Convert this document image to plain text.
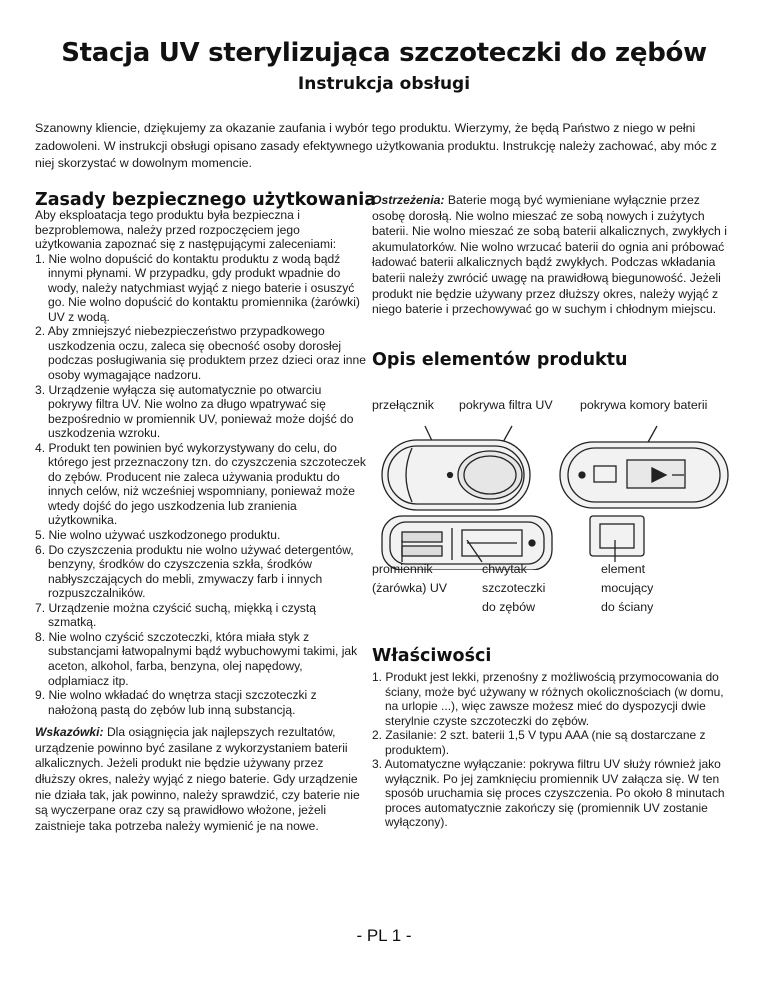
Stacja UV sterylizująca szczoteczki do zębów
Instrukcja obsługi

Szanowny kliencie, dziękujemy za okazanie zaufania i wybór tego produktu. Wierzymy, że będą Państwo z niego w pełni zadowoleni. W instrukcji obsługi opisano zasady efektywnego użytkowania produktu. Instrukcję należy zachować, aby móc z niej skorzystać w dowolnym momencie.

Zasady bezpiecznego użytkowania

Aby eksploatacja tego produktu była bezpieczna i bezproblemowa, należy przed rozpoczęciem jego użytkowania zapoznać się z następującymi zaleceniami:

1. Nie wolno dopuścić do kontaktu produktu z wodą bądź innymi płynami. W przypadku, gdy produkt wpadnie do wody, należy natychmiast wyjąć z niego baterie i osuszyć go. Nie wolno dopuścić do kontaktu promiennika (żarówki) UV z wodą.
2. Aby zmniejszyć niebezpieczeństwo przypadkowego uszkodzenia oczu, zaleca się obecność osoby dorosłej podczas posługiwania się produktem przez dzieci oraz inne osoby wymagające nadzoru.
3. Urządzenie wyłącza się automatycznie po otwarciu pokrywy filtra UV. Nie wolno za długo wpatrywać się bezpośrednio w promiennik UV, ponieważ może dojść do uszkodzenia wzroku.
4. Produkt ten powinien być wykorzystywany do celu, do którego jest przeznaczony tzn. do czyszczenia szczoteczek do zębów. Producent nie zaleca używania produktu do innych celów, niż wcześniej wspomniany, ponieważ może wtedy dojść do jego uszkodzenia lub zranienia użytkownika.
5. Nie wolno używać uszkodzonego produktu.
6. Do czyszczenia produktu nie wolno używać detergentów, benzyny, środków do czyszczenia szkła, środków nabłyszczających do mebli, zmywaczy farb i innych rozpuszczalników.
7. Urządzenie można czyścić suchą, miękką i czystą szmatką.
8. Nie wolno czyścić szczoteczki, która miała styk z substancjami łatwopalnymi bądź wybuchowymi takimi, jak aceton, alkohol, farba, benzyna, olej napędowy, odplamiacz itp.
9. Nie wolno wkładać do wnętrza stacji szczoteczki z nałożoną pastą do zębów lub inną substancją.

Wskazówki: Dla osiągnięcia jak najlepszych rezultatów, urządzenie powinno być zasilane z wykorzystaniem baterii alkalicznych. Jeżeli produkt nie będzie używany przez dłuższy okres, należy wyjąć z niego baterie. Gdy urządzenie nie działa tak, jak powinno, należy sprawdzić, czy baterie nie są wyczerpane oraz czy są prawidłowo włożone, jeżeli zaistnieje taka potrzeba należy wymienić je na nowe.

Ostrzeżenia: Baterie mogą być wymieniane wyłącznie przez osobę dorosłą. Nie wolno mieszać ze sobą nowych i zużytych baterii. Nie wolno mieszać ze sobą baterii alkalicznych, zwykłych i akumulatorków. Nie wolno wrzucać baterii do ognia ani próbować ładować baterii alkalicznych bądź zwykłych. Podczas wkładania baterii należy zwrócić uwagę na prawidłową biegunowość. Jeżeli produkt nie będzie używany przez dłuższy okres, należy wyjąć z niego baterie i przechowywać go w suchym i chłodnym miejscu.
Opis elementów produktu
przełącznik pokrywa filtra UV pokrywa komory baterii
promiennik
(żarówka) UV
chwytak
szczoteczki
do zębów
element
mocujący
do ściany
Właściwości
1. Produkt jest lekki, przenośny z możliwością przymocowania do ściany, może być używany w różnych okolicznościach (w domu, na urlopie ...), więc zawsze możesz mieć do dyspozycji dwie sterylnie czyste szczoteczki do zębów.
2. Zasilanie: 2 szt. baterii 1,5 V typu AAA (nie są dostarczane z produktem).
3. Automatyczne wyłączanie: pokrywa filtru UV służy również jako wyłącznik. Po jej zamknięciu promiennik UV załącza się. W ten sposób uruchamia się proces czyszczenia. Po około 8 minutach proces automatycznie zakończy się (promiennik UV zostanie wyłączony).
- PL 1 -
